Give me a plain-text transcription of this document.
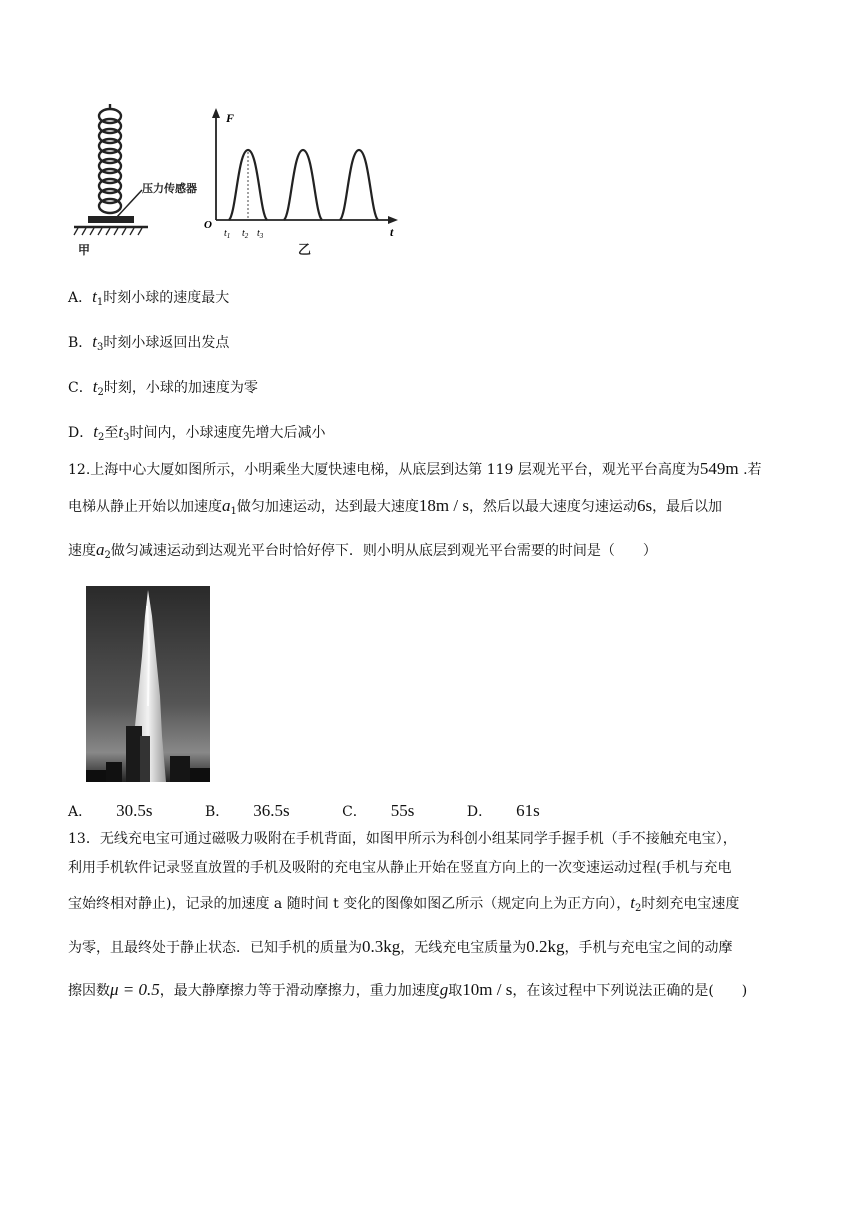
压力传感器
甲
F
t
O
$t_1$ $t_2$ $t_3$
乙
A．$t_1$时刻小球的速度最大
B．$t_3$时刻小球返回出发点
C．$t_2$时刻，小球的加速度为零
D．$t_2$至$t_3$时间内，小球速度先增大后减小
12.上海中心大厦如图所示，小明乘坐大厦快速电梯，从底层到达第 119 层观光平台，观光平台高度为549m .若
电梯从静止开始以加速度$a_1$做匀加速运动，达到最大速度18m / s，然后以最大速度匀速运动6s，最后以加
速度$a_2$做匀减速运动到达观光平台时恰好停下．则小明从底层到观光平台需要的时间是（　　）
A． 30.5s	B． 36.5s	C． 55s	D． 61s
13．无线充电宝可通过磁吸力吸附在手机背面，如图甲所示为科创小组某同学手握手机（手不接触充电宝），
利用手机软件记录竖直放置的手机及吸附的充电宝从静止开始在竖直方向上的一次变速运动过程(手机与充电
宝始终相对静止)，记录的加速度 a 随时间 t 变化的图像如图乙所示（规定向上为正方向），$t_2$时刻充电宝速度
为零，且最终处于静止状态．已知手机的质量为0.3kg，无线充电宝质量为0.2kg，手机与充电宝之间的动摩
擦因数μ = 0.5，最大静摩擦力等于滑动摩擦力，重力加速度g取10m / s，在该过程中下列说法正确的是(　　)
